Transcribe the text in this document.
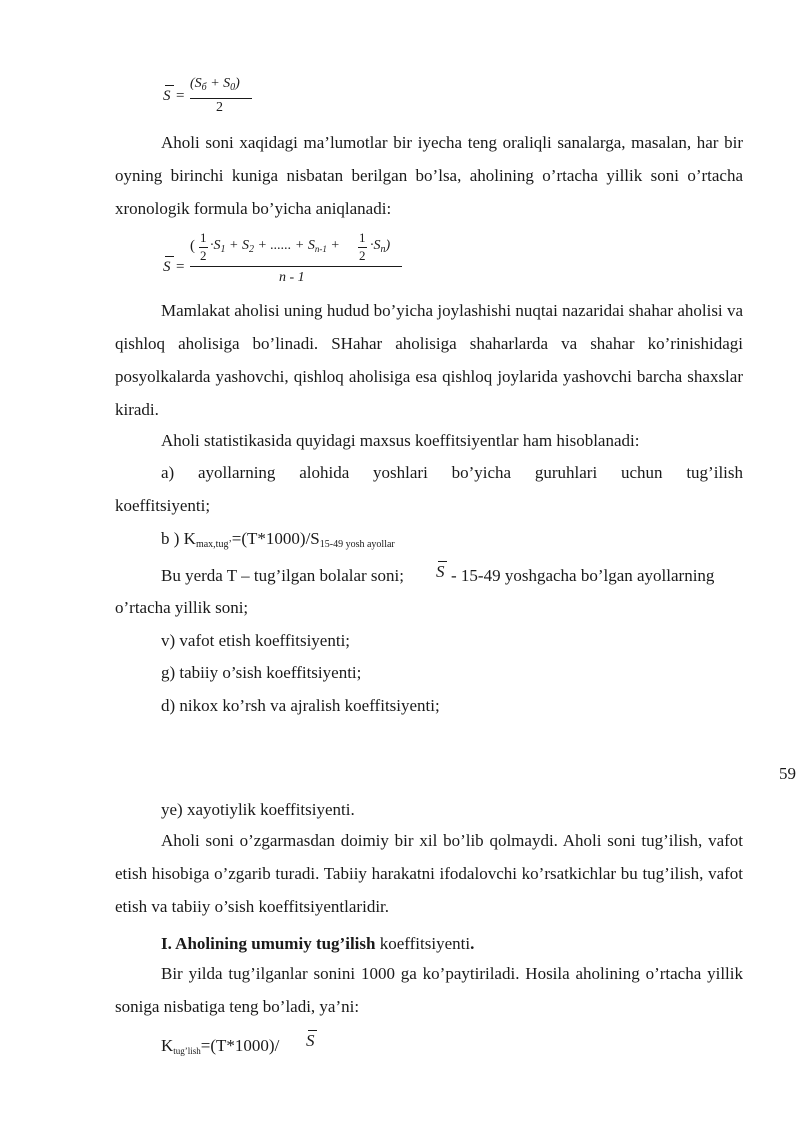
S =
$(S_б + S_0)$
2

Aholi soni xaqidagi ma’lumotlar bir iyecha teng oraliqli sanalarga, masalan, har bir oyning birinchi kuniga nisbatan berilgan bo’lsa, aholining o’rtacha yillik soni o’rtacha xronologik formula bo’yicha aniqlanadi:

S =
(
1
2
$\cdot S_1 + S_2$ + ...... + $S_{n-1}$ +
1
2
$\cdot S_n$)
n - 1

Mamlakat aholisi uning hudud bo’yicha joylashishi nuqtai nazaridai shahar aholisi va qishloq aholisiga bo’linadi. SHahar aholisiga shaharlarda va shahar ko’rinishidagi posyolkalarda yashovchi, qishloq aholisiga esa qishloq joylarida yashovchi barcha shaxslar kiradi.

Aholi statistikasida quyidagi maxsus koeffitsiyentlar ham hisoblanadi:

a) ayollarning alohida yoshlari bo’yicha guruhlari uchun tug’ilish

koeffitsiyenti;

b ) $K_{max,tug’}=(T*1000)/S_{15-49 yosh ayollar}$

Bu yerda T – tug’ilgan bolalar soni; S - 15-49 yoshgacha bo’lgan ayollarning

o’rtacha yillik soni;

v) vafot etish koeffitsiyenti;

g) tabiiy o’sish koeffitsiyenti;

d) nikox ko’rsh va ajralish koeffitsiyenti;

59

ye) xayotiylik koeffitsiyenti.

Aholi soni o’zgarmasdan doimiy bir xil bo’lib qolmaydi. Aholi soni tug’ilish, vafot etish hisobiga o’zgarib turadi. Tabiiy harakatni ifodalovchi ko’rsatkichlar bu tug’ilish, vafot etish va tabiiy o’sish koeffitsiyentlaridir.

I. Aholining umumiy tug’ilish koeffitsiyenti.

Bir yilda tug’ilganlar sonini 1000 ga ko’paytiriladi. Hosila aholining o’rtacha yillik soniga nisbatiga teng bo’ladi, ya’ni:

$K_{tug’lish}=(T*1000)/$ S
